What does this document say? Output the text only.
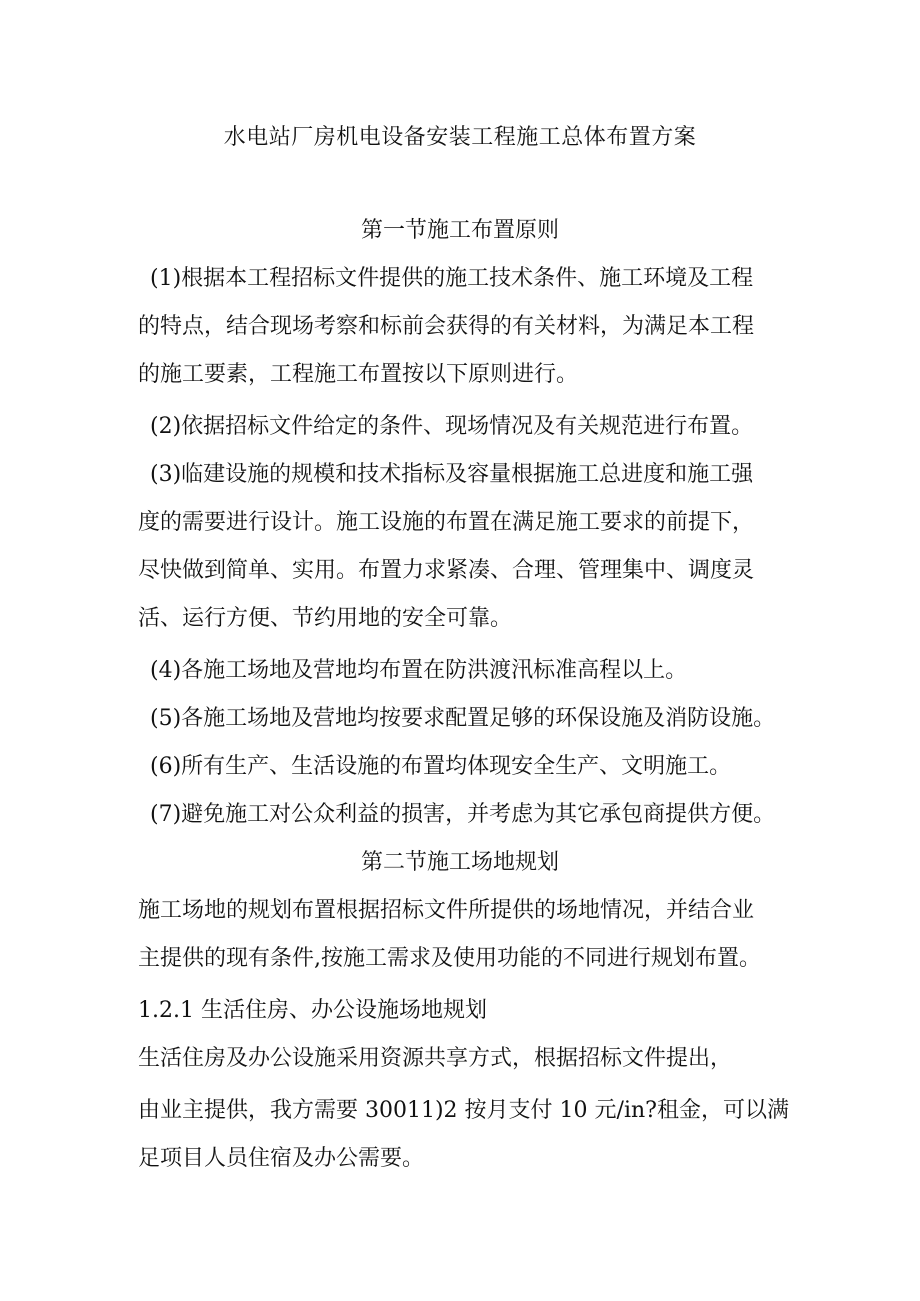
水电站厂房机电设备安装工程施工总体布置方案
第一节施工布置原则
(1)根据本工程招标文件提供的施工技术条件、施工环境及工程
的特点，结合现场考察和标前会获得的有关材料，为满足本工程
的施工要素，工程施工布置按以下原则进行。
(2)依据招标文件给定的条件、现场情况及有关规范进行布置。
(3)临建设施的规模和技术指标及容量根据施工总进度和施工强
度的需要进行设计。施工设施的布置在满足施工要求的前提下，
尽快做到简单、实用。布置力求紧凑、合理、管理集中、调度灵
活、运行方便、节约用地的安全可靠。
(4)各施工场地及营地均布置在防洪渡汛标准高程以上。
(5)各施工场地及营地均按要求配置足够的环保设施及消防设施。
(6)所有生产、生活设施的布置均体现安全生产、文明施工。
(7)避免施工对公众利益的损害，并考虑为其它承包商提供方便。
第二节施工场地规划
施工场地的规划布置根据招标文件所提供的场地情况，并结合业
主提供的现有条件,按施工需求及使用功能的不同进行规划布置。
1.2.1 生活住房、办公设施场地规划
生活住房及办公设施采用资源共享方式，根据招标文件提出，
由业主提供，我方需要 30011)2 按月支付 10 元/in?租金，可以满
足项目人员住宿及办公需要。
